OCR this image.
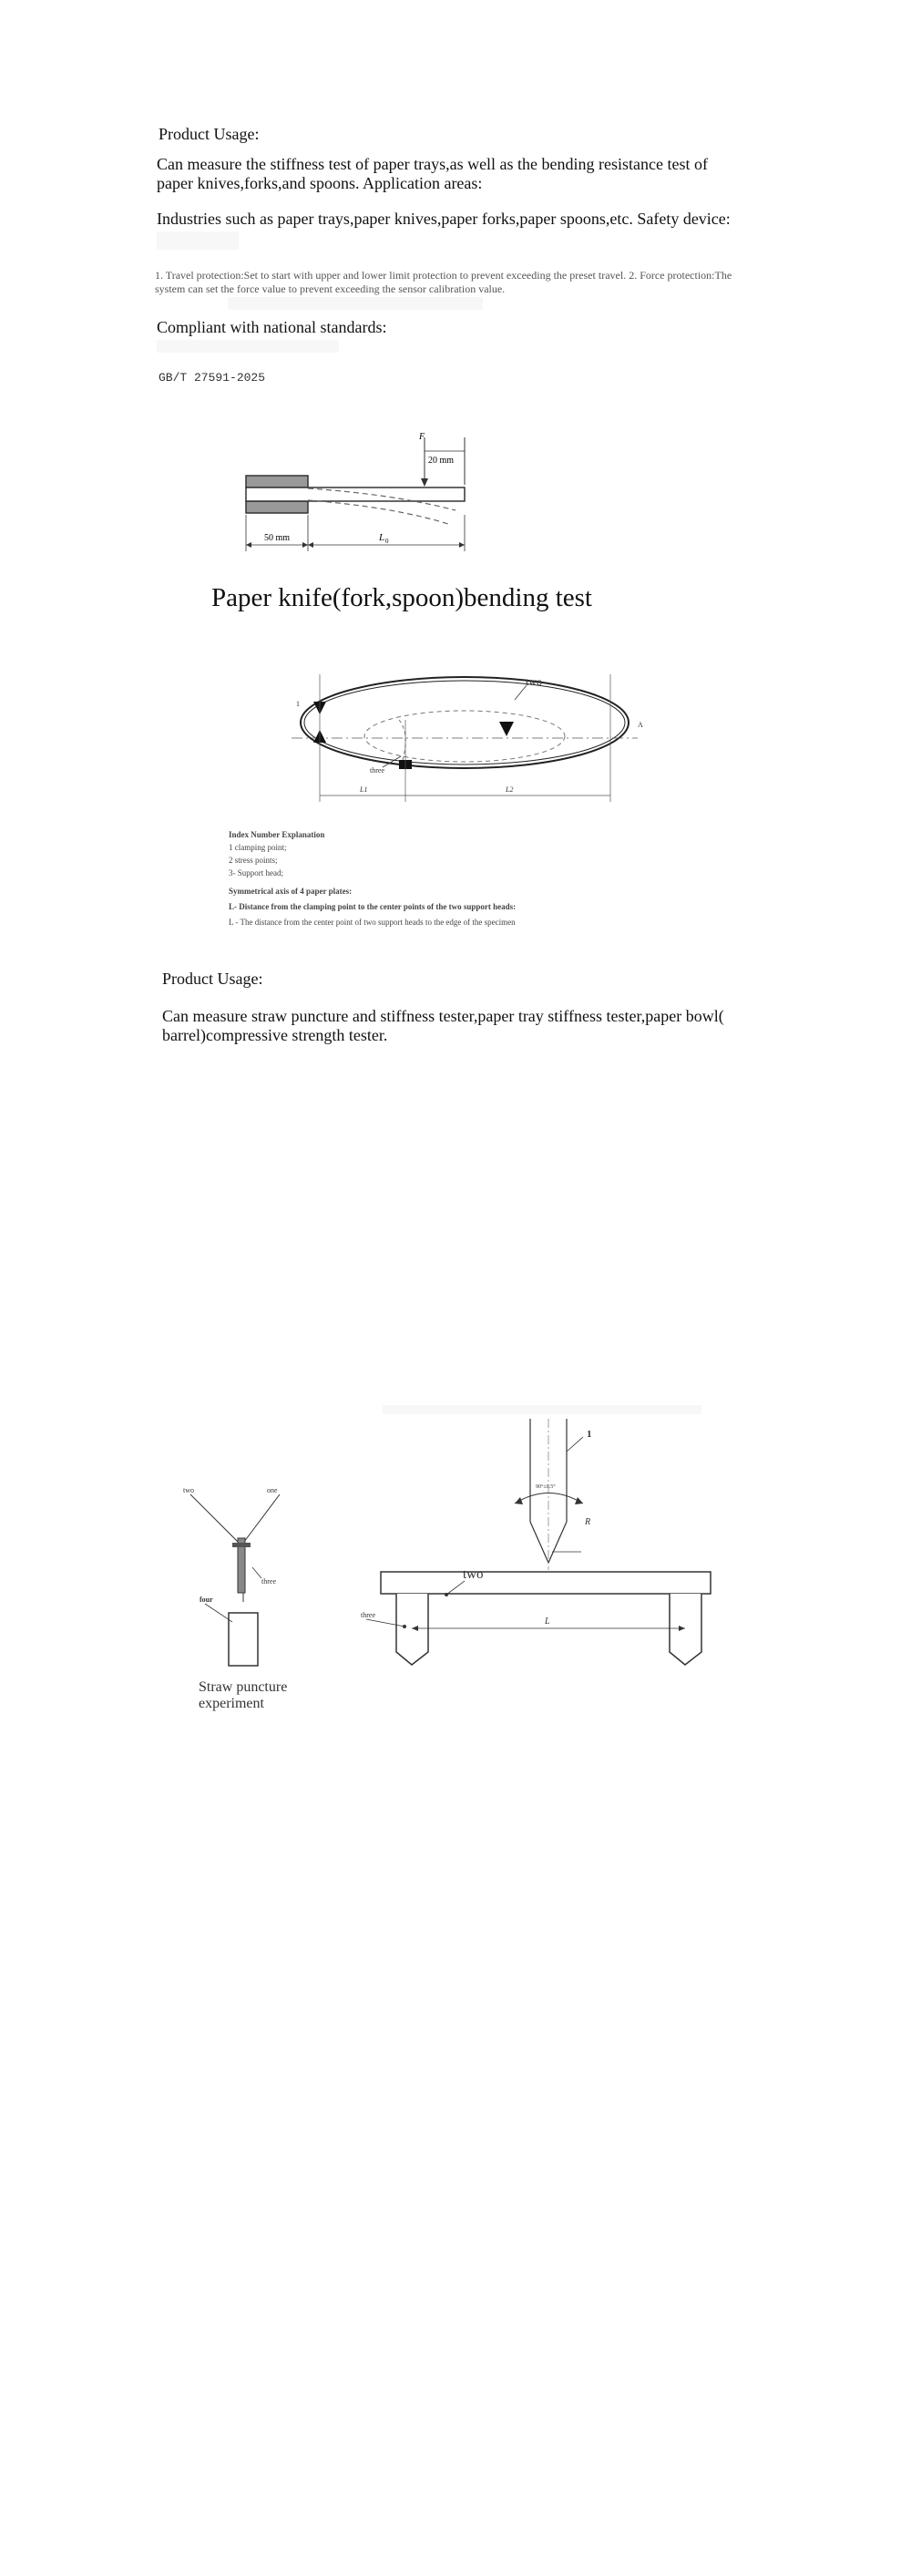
Product Usage:
Can measure the stiffness test of paper trays,as well as the bending resistance test of paper knives,forks,and spoons. Application areas:
Industries such as paper trays,paper knives,paper forks,paper spoons,etc. Safety device:
1. Travel protection:Set to start with upper and lower limit protection to prevent exceeding the preset travel. 2. Force protection:The system can set the force value to prevent exceeding the sensor calibration value.
Compliant with national standards:
GB/T 27591-2025
F
20 mm
50 mm	L 0
Paper knife(fork,spoon)bending test
two
three
1
A
L1	L2
Index Number Explanation
1 clamping point;
2 stress points;
3- Support head;
Symmetrical axis of 4 paper plates:
L- Distance from the clamping point to the center points of the two support heads:
L - The distance from the center point of two support heads to the edge of the specimen
Product Usage:
Can measure straw puncture and stiffness tester,paper tray stiffness tester,paper bowl( barrel)compressive strength tester.
two	one
three
four
Straw puncture experiment
90°±0.5°
R
1
two
three
L
